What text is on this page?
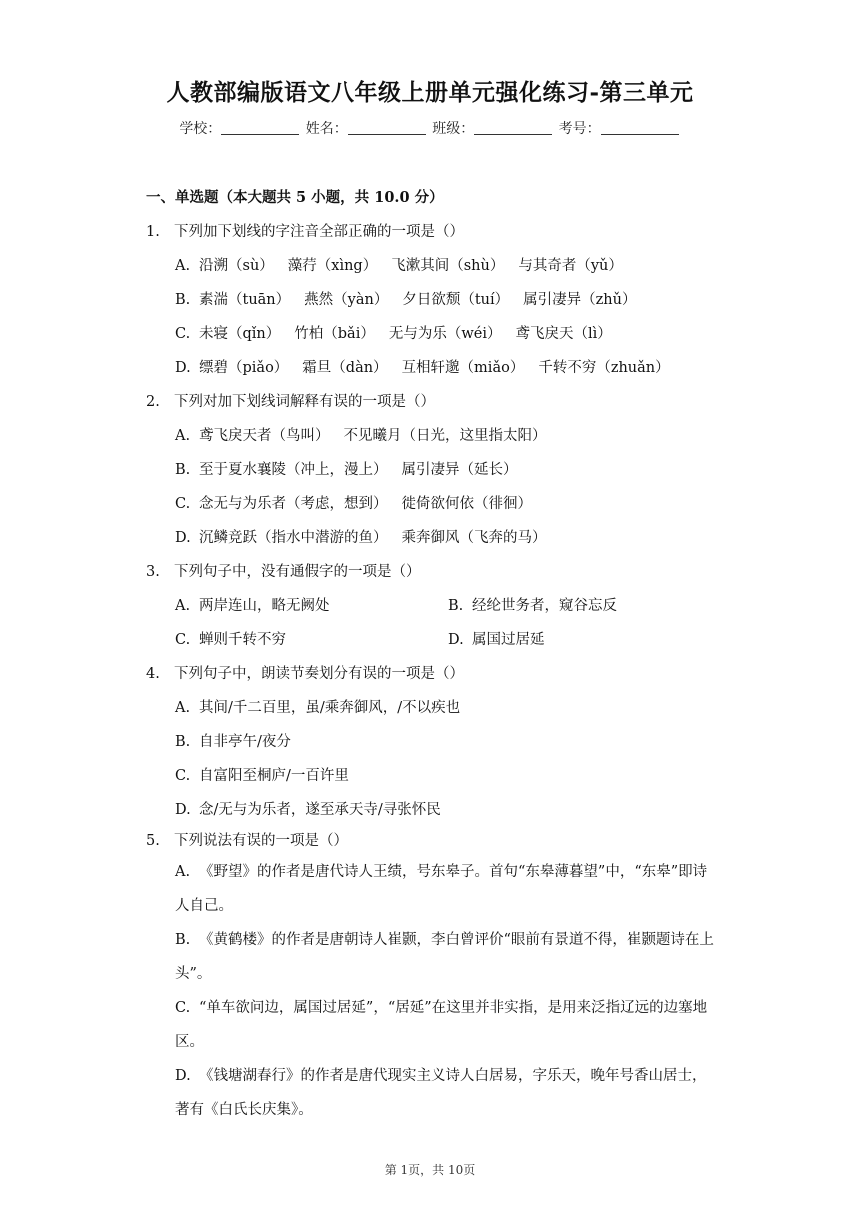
人教部编版语文八年级上册单元强化练习-第三单元
学校：	姓名：	班级：	考号：
一、单选题（本大题共 5 小题，共 10.0 分）
1. 下列加下划线的字注音全部正确的一项是（）
A. 沿溯（sù） 藻荇（xìng） 飞漱其间（shù） 与其奇者（yǔ）
B. 素湍（tuān） 燕然（yàn） 夕日欲颓（tuí） 属引凄异（zhǔ）
C. 未寝（qǐn） 竹柏（bǎi） 无与为乐（wéi） 鸢飞戾天（lì）
D. 缥碧（piǎo） 霜旦（dàn） 互相轩邈（miǎo） 千转不穷（zhuǎn）
2. 下列对加下划线词解释有误的一项是（）
A. 鸢飞戾天者（鸟叫） 不见曦月（日光，这里指太阳）
B. 至于夏水襄陵（冲上，漫上） 属引凄异（延长）
C. 念无与为乐者（考虑，想到） 徙倚欲何依（徘徊）
D. 沉鳞竞跃（指水中潜游的鱼） 乘奔御风（飞奔的马）
3. 下列句子中，没有通假字的一项是（）
A. 两岸连山，略无阙处	B. 经纶世务者，窥谷忘反
C. 蝉则千转不穷	D. 属国过居延
4. 下列句子中，朗读节奏划分有误的一项是（）
A. 其间/千二百里，虽/乘奔御风，/不以疾也
B. 自非亭午/夜分
C. 自富阳至桐庐/一百许里
D. 念/无与为乐者，遂至承天寺/寻张怀民
5. 下列说法有误的一项是（）
A. 《野望》的作者是唐代诗人王绩，号东皋子。首句“东皋薄暮望”中，“东皋”即诗人自己。
B. 《黄鹤楼》的作者是唐朝诗人崔颢，李白曾评价“眼前有景道不得，崔颢题诗在上头”。
C. “单车欲问边，属国过居延”，“居延”在这里并非实指，是用来泛指辽远的边塞地区。
D. 《钱塘湖春行》的作者是唐代现实主义诗人白居易，字乐天，晚年号香山居士，著有《白氏长庆集》。
第 1页，共 10页
